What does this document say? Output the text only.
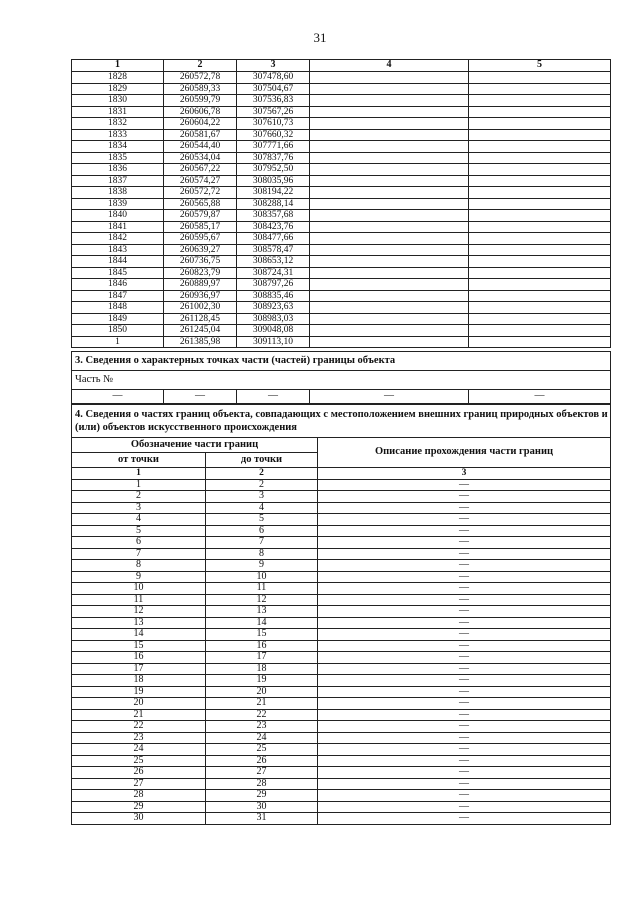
31
1	2	3	4	5
1828	260572,78	307478,60		
1829	260589,33	307504,67		
1830	260599,79	307536,83		
1831	260606,78	307567,26		
1832	260604,22	307610,73		
1833	260581,67	307660,32		
1834	260544,40	307771,66		
1835	260534,04	307837,76		
1836	260567,22	307952,50		
1837	260574,27	308035,96		
1838	260572,72	308194,22		
1839	260565,88	308288,14		
1840	260579,87	308357,68		
1841	260585,17	308423,76		
1842	260595,67	308477,66		
1843	260639,27	308578,47		
1844	260736,75	308653,12		
1845	260823,79	308724,31		
1846	260889,97	308797,26		
1847	260936,97	308835,46		
1848	261002,30	308923,63		
1849	261128,45	308983,03		
1850	261245,04	309048,08		
1	261385,98	309113,10		
3. Сведения о характерных точках части (частей) границы объекта
Часть №
—	—	—	—	—
4. Сведения о частях границ объекта, совпадающих с местоположением внешних границ природных объектов и (или) объектов искусственного происхождения		
Обозначение части границ		Описание прохождения части границ
от точки	до точки	
1	2	3
1	2	—
2	3	—
3	4	—
4	5	—
5	6	—
6	7	—
7	8	—
8	9	—
9	10	—
10	11	—
11	12	—
12	13	—
13	14	—
14	15	—
15	16	—
16	17	—
17	18	—
18	19	—
19	20	—
20	21	—
21	22	—
22	23	—
23	24	—
24	25	—
25	26	—
26	27	—
27	28	—
28	29	—
29	30	—
30	31	—
